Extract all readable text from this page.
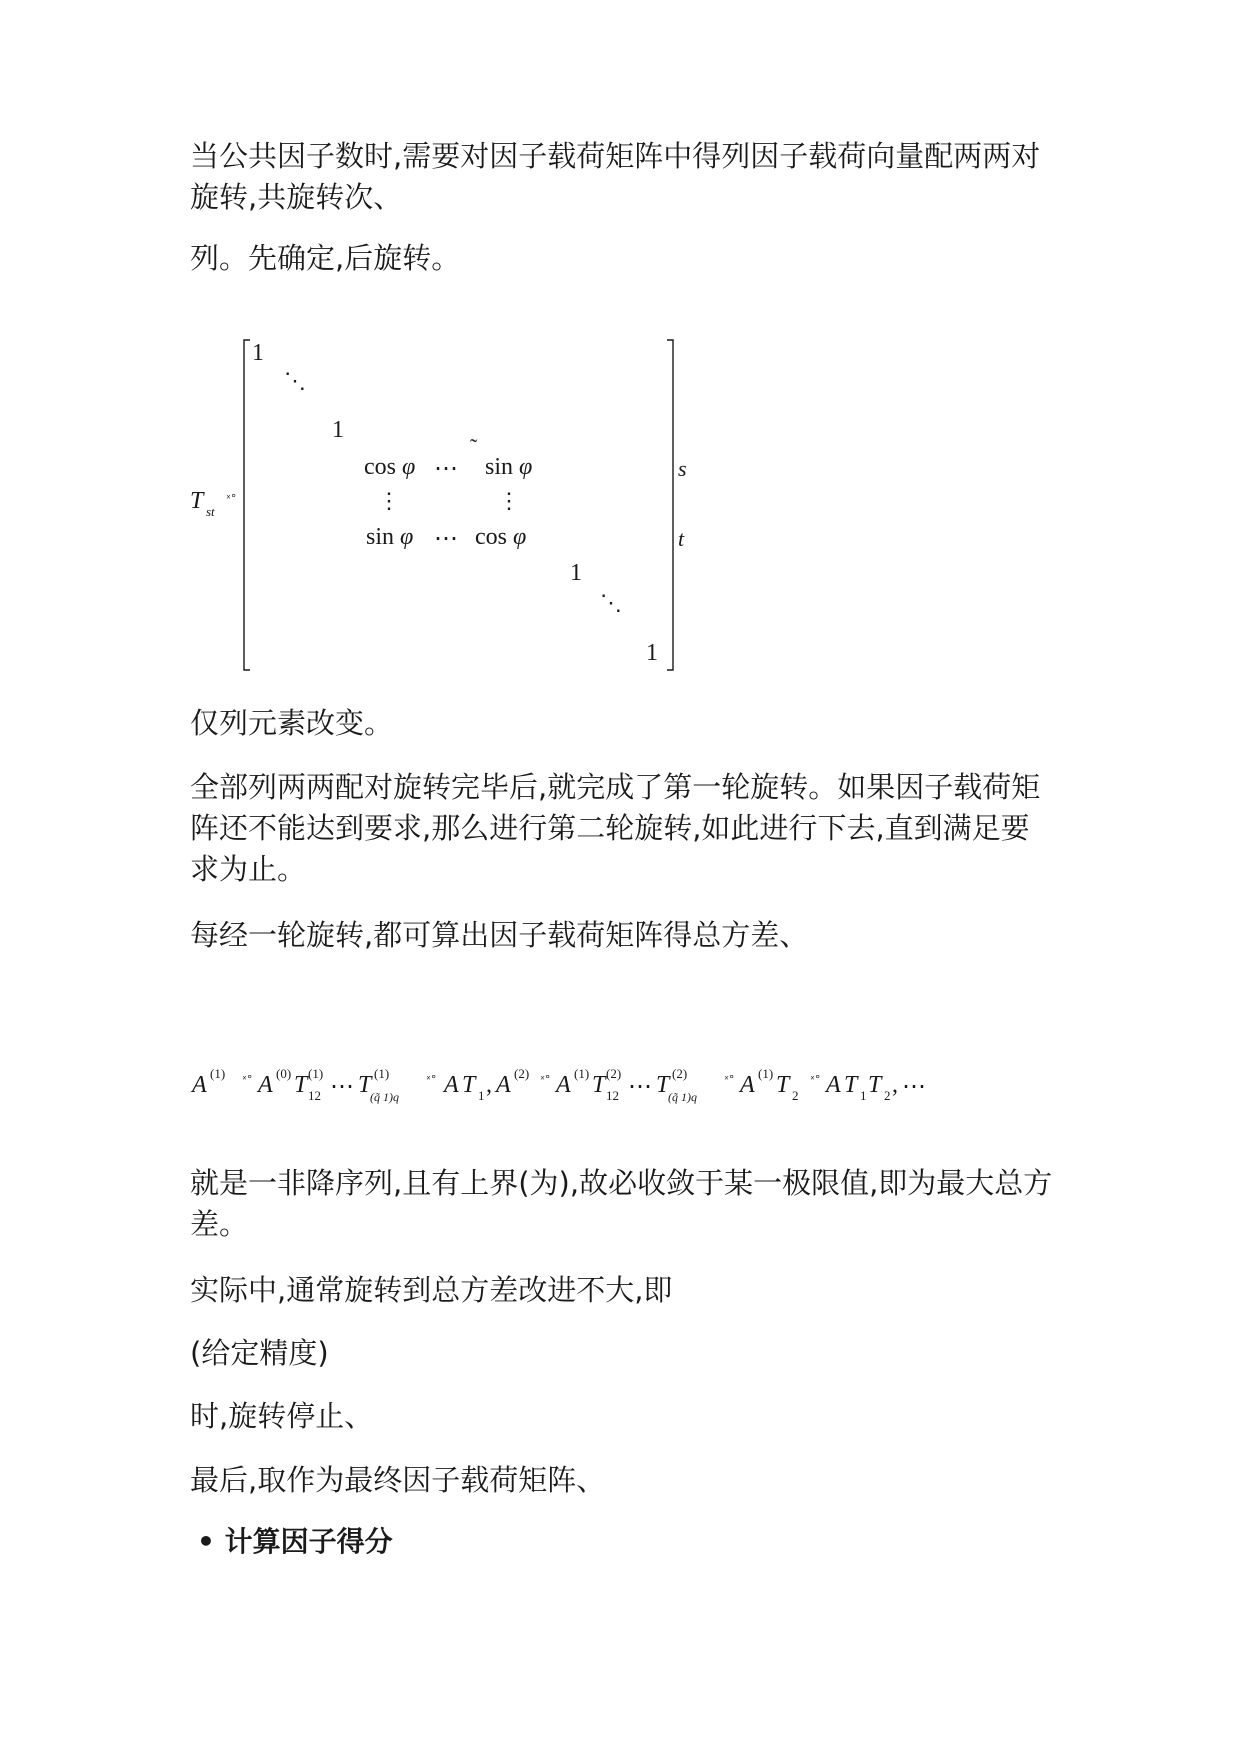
当公共因子数时,需要对因子载荷矩阵中得列因子载荷向量配两两对
旋转,共旋转次、
列。先确定,后旋转。
T st
ˣ°
1
⋱
1
cos φ ⋯
˜
sin φ	s
⋮	⋮
sin φ ⋯ cos φ	t
1
⋱
1
仅列元素改变。
全部列两两配对旋转完毕后,就完成了第一轮旋转。如果因子载荷矩
阵还不能达到要求,那么进行第二轮旋转,如此进行下去,直到满足要
求为止。
每经一轮旋转,都可算出因子载荷矩阵得总方差、
A (1) ˣ° A (0) T (1)
12 ⋯ T (1)
(q̃ 1)q
ˣ° A T 1 , A (2) ˣ° A (1) T (2)
12 ⋯ T (2)
(q̃ 1)q
ˣ° A (1) T 2
ˣ° A T 1 T 2 , ⋯
就是一非降序列,且有上界(为),故必收敛于某一极限值,即为最大总方
差。
实际中,通常旋转到总方差改进不大,即
(给定精度)
时,旋转停止、
最后,取作为最终因子载荷矩阵、
• 计算因子得分
